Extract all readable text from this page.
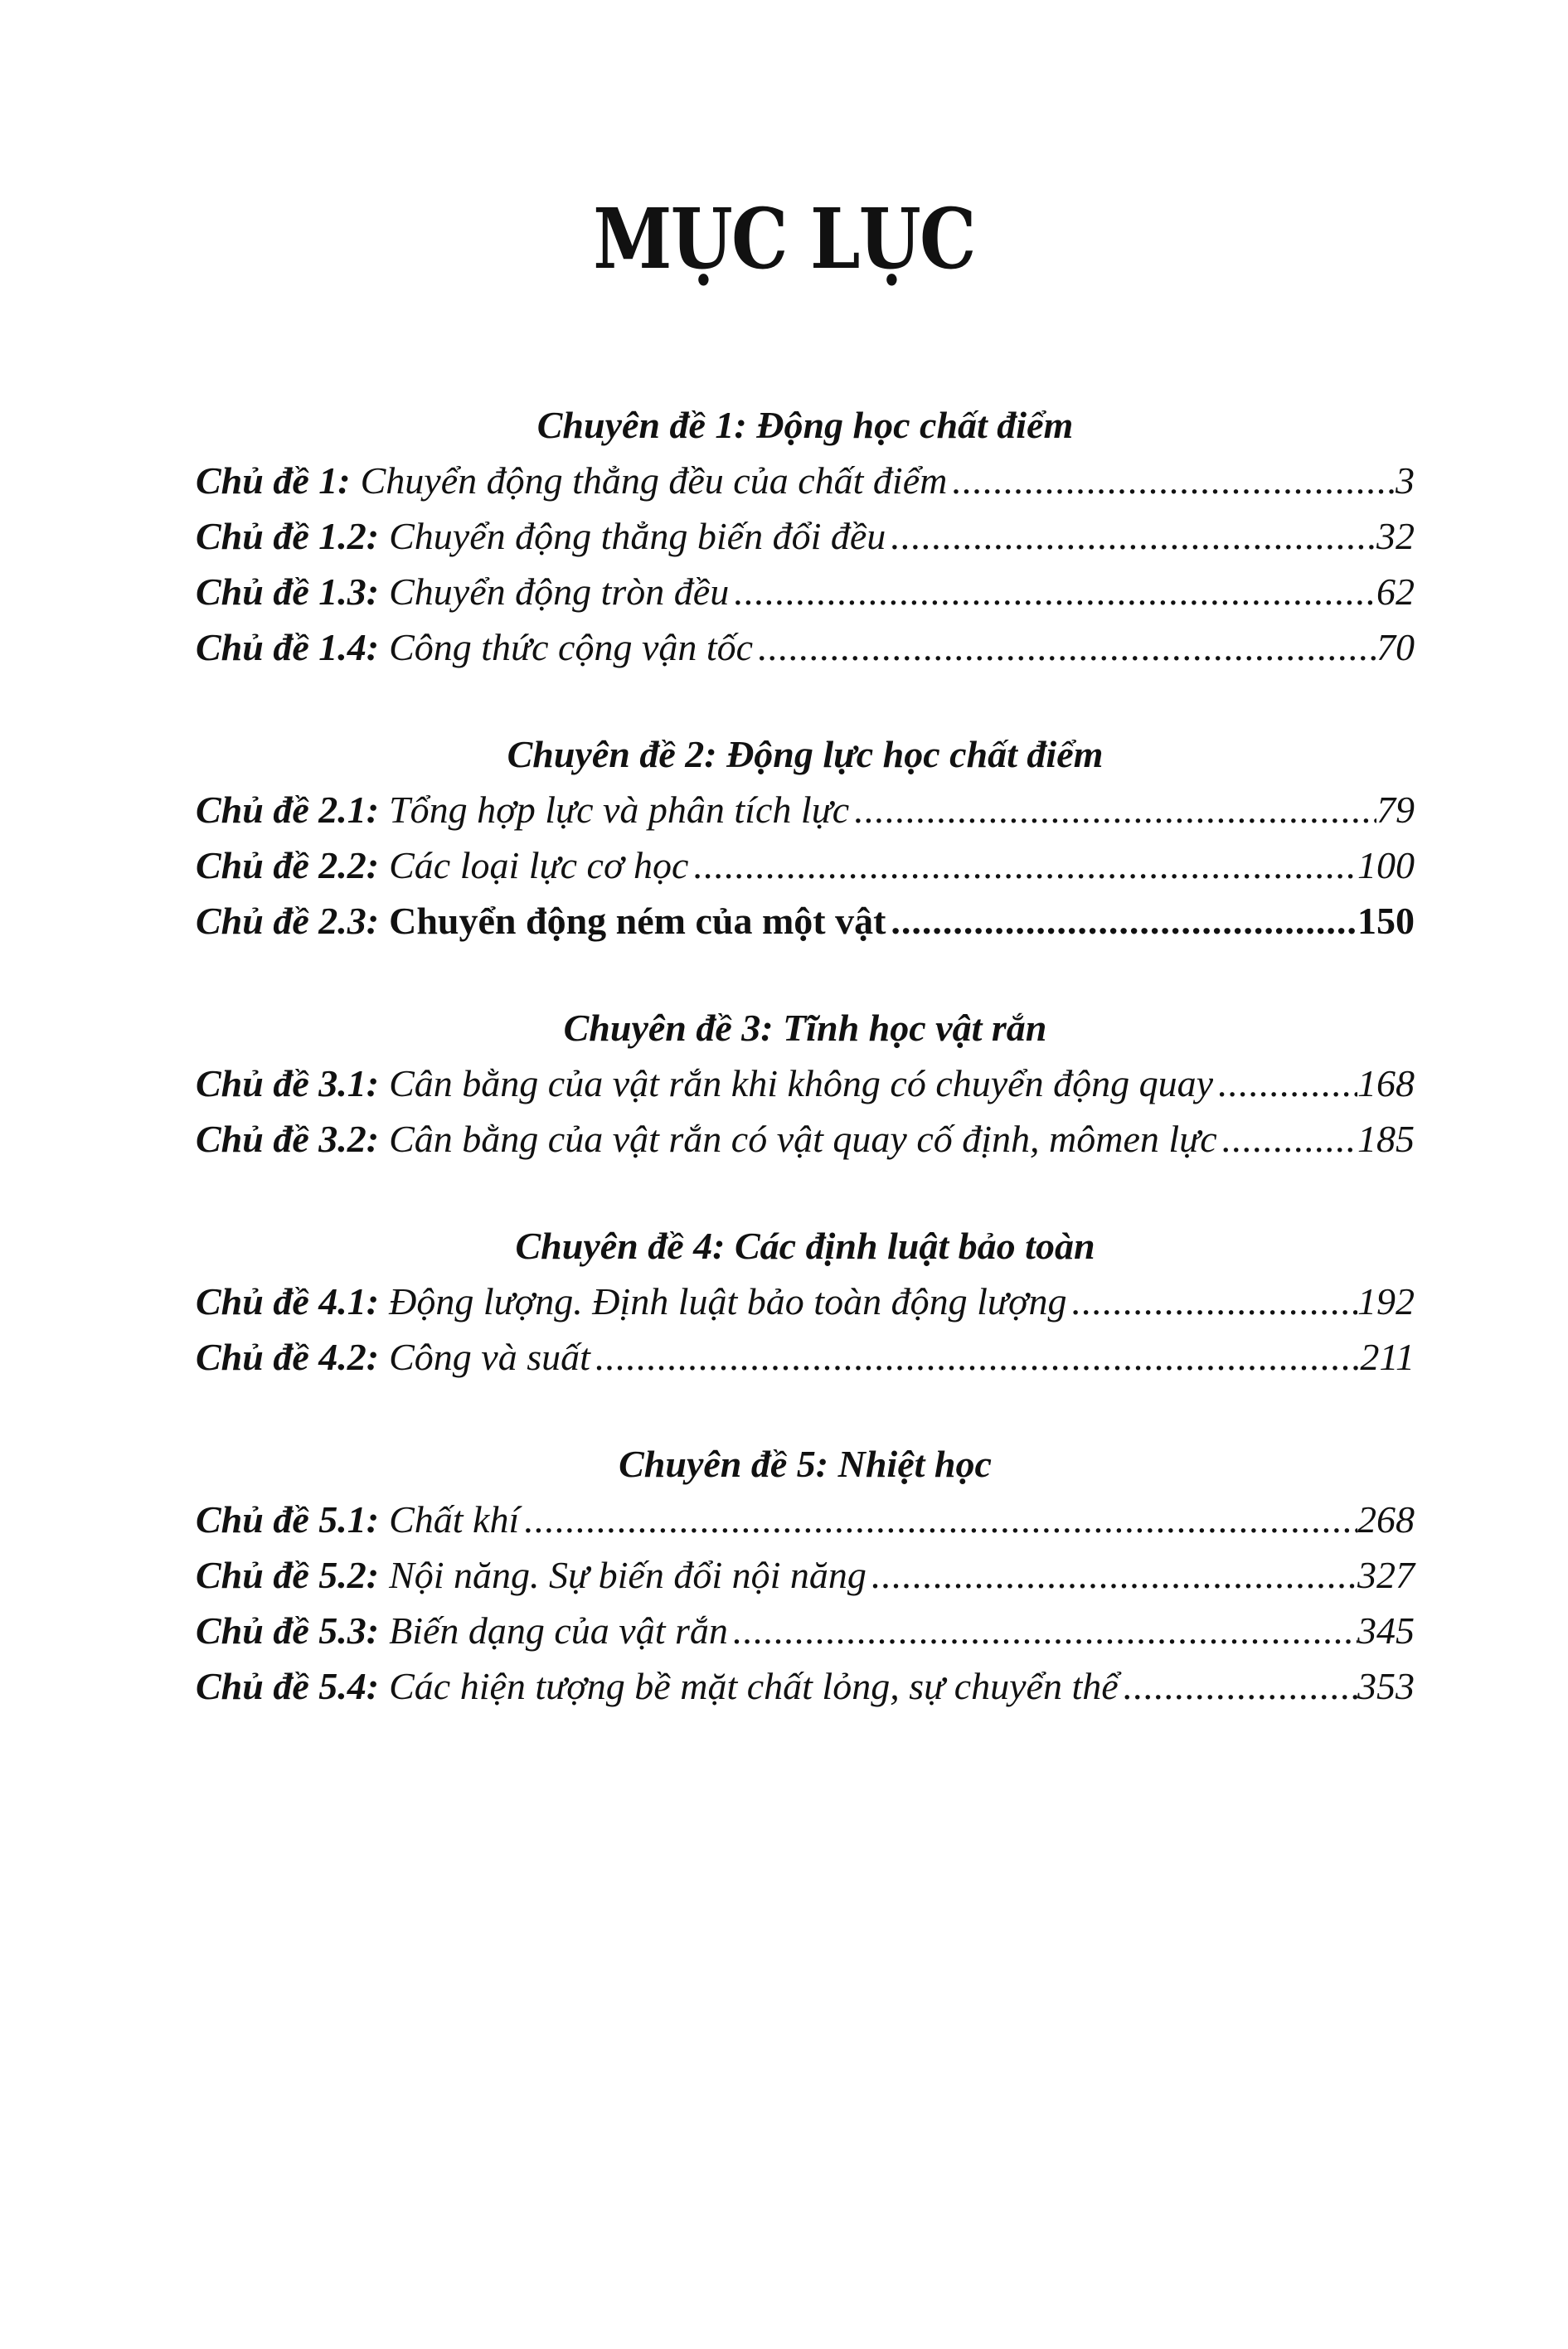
MỤC LỤC
Chuyên đề 1: Động học chất điểm
Chủ đề 1: Chuyển động thẳng đều của chất điểm .....	3
Chủ đề 1.2: Chuyển động thẳng biến đổi đều .....	32
Chủ đề 1.3: Chuyển động tròn đều .....	62
Chủ đề 1.4: Công thức cộng vận tốc .....	70
Chuyên đề 2: Động lực học chất điểm
Chủ đề 2.1: Tổng hợp lực và phân tích lực .....	79
Chủ đề 2.2: Các loại lực cơ học .....	100
Chủ đề 2.3: Chuyển động ném của một vật .....	150
Chuyên đề 3: Tĩnh học vật rắn
Chủ đề 3.1: Cân bằng của vật rắn khi không có chuyển động quay .....	168
Chủ đề 3.2: Cân bằng của vật rắn có vật quay cố định, mômen lực .....	185
Chuyên đề 4: Các định luật bảo toàn
Chủ đề 4.1: Động lượng. Định luật bảo toàn động lượng .....	192
Chủ đề 4.2: Công và suất .....	211
Chuyên đề 5: Nhiệt học
Chủ đề 5.1: Chất khí .....	268
Chủ đề 5.2: Nội năng. Sự biến đổi nội năng .....	327
Chủ đề 5.3: Biến dạng của vật rắn .....	345
Chủ đề 5.4: Các hiện tượng bề mặt chất lỏng, sự chuyển thể .....	353
